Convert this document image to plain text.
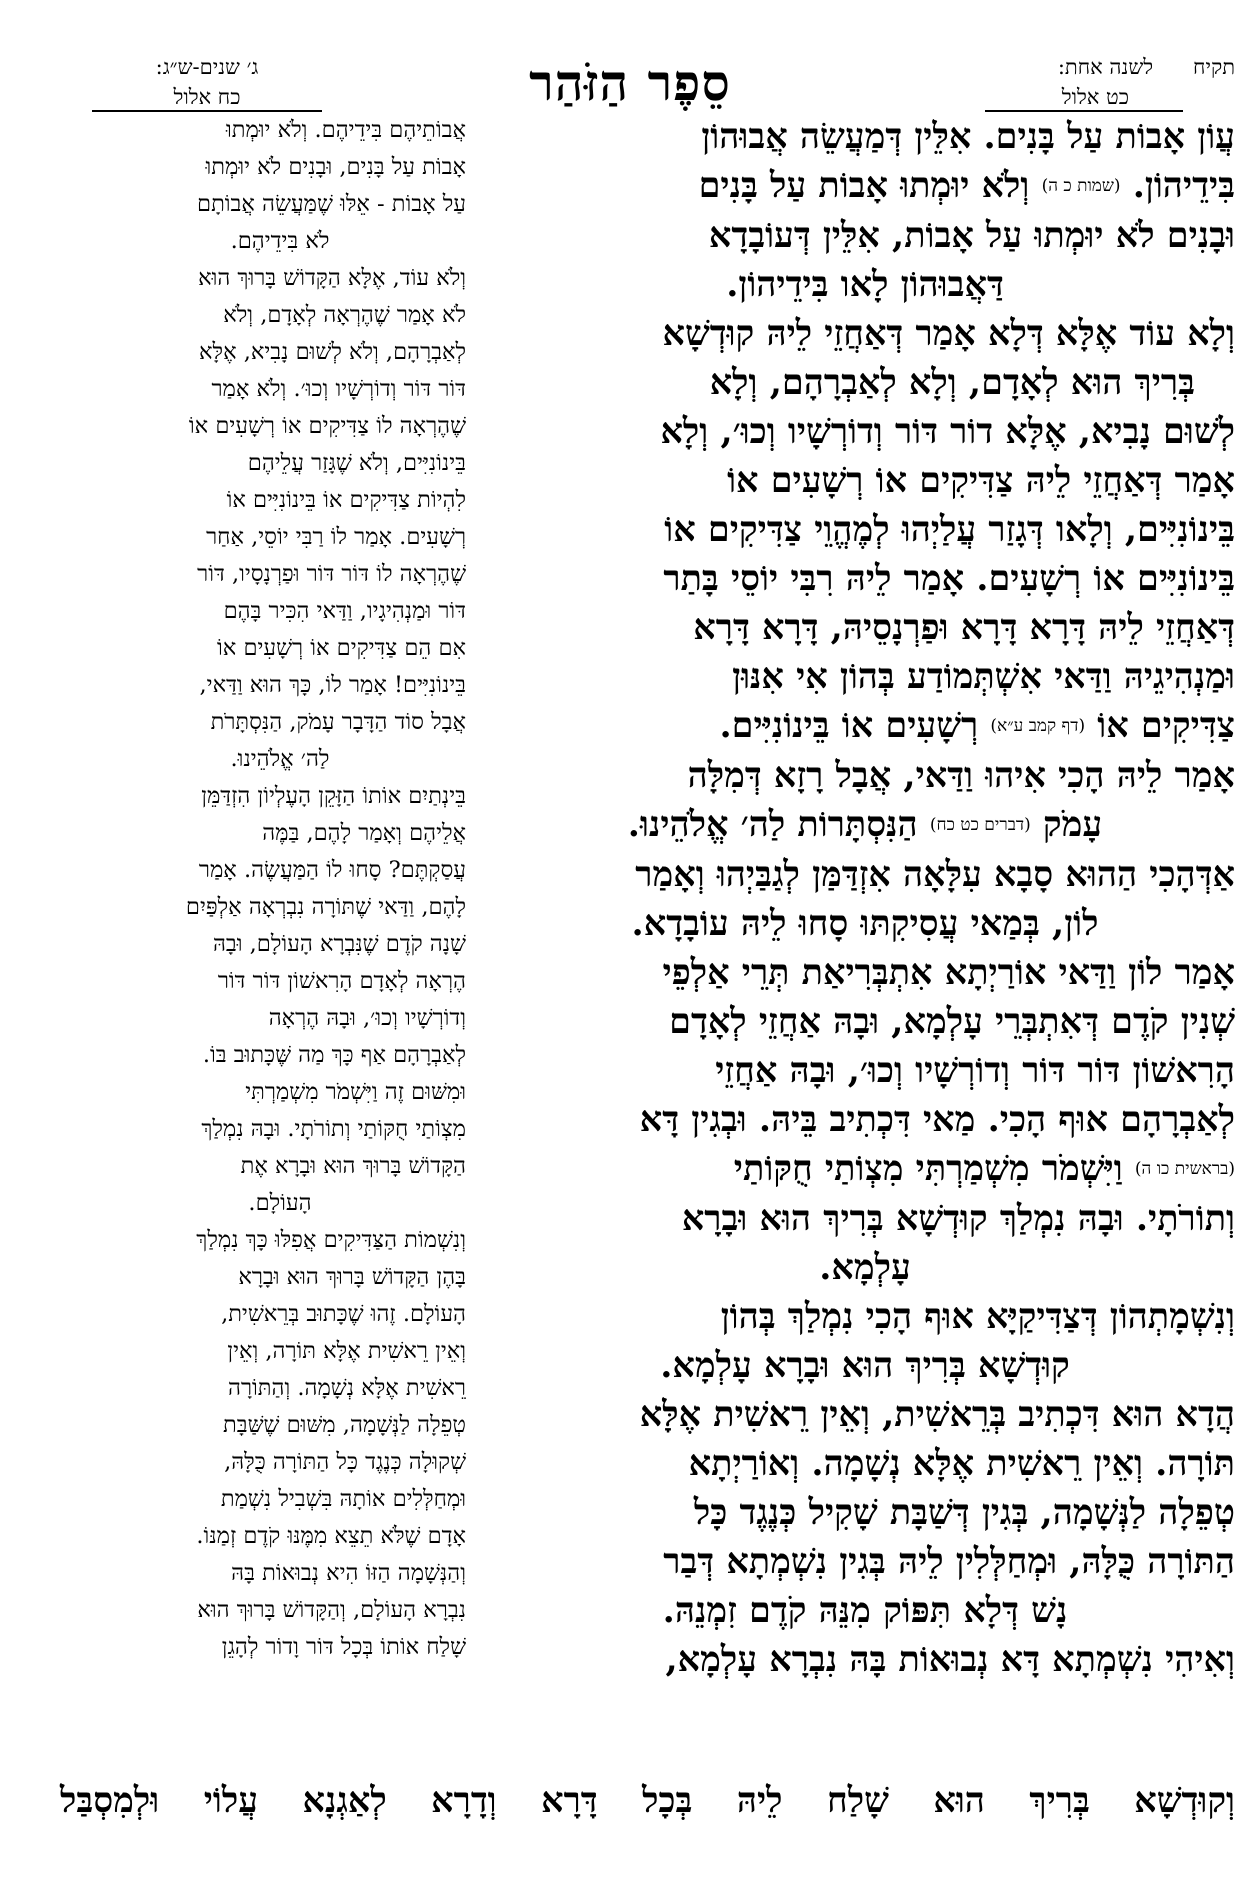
תקיח
לשנה אחת:
כט אלול
סֵפֶר הַזֹּהַר
ג׳ שנים-ש״ג:
כח אלול

עֲוֹן אָבוֹת עַל בָּנִים. אִלֵּין דְּמַעֲשֵׂה אֲבוּהוֹן

בִּידֵיהוֹן. (שמות כ ה) וְלֹא יוּמְתוּ אָבוֹת עַל בָּנִים

וּבָנִים לֹא יוּמְתוּ עַל אָבוֹת, אִלֵּין דְּעוֹבָדָא

דַּאֲבוּהוֹן לָאו בִּידֵיהוֹן.

וְלָא עוֹד אֶלָּא דְּלָא אָמַר דְּאַחֲזֵי לֵיהּ קוּדְשָׁא

בְּרִיךְ הוּא לְאָדָם, וְלָא לְאַבְרָהָם, וְלָא

לְשׁוּם נָבִיא, אֶלָּא דוֹר דּוֹר וְדוֹרְשָׁיו וְכוּ׳, וְלָא

אָמַר דְּאַחֲזֵי לֵיהּ צַדִּיקִים אוֹ רְשָׁעִים אוֹ

בֵּינוֹנִיִּים, וְלָאו דְּגָזַר עֲלַיְהוּ לְמֶהֱוֵי צַדִּיקִים אוֹ

בֵּינוֹנִיִּים אוֹ רְשָׁעִים. אָמַר לֵיהּ רִבִּי יוֹסֵי בָּתַר

דְּאַחֲזֵי לֵיהּ דָּרָא דָּרָא וּפַרְנָסֵיהּ, דָּרָא דָּרָא

וּמַנְהִיגֵיהּ וַדַּאי אִשְׁתְּמוֹדַע בְּהוֹן אִי אִנּוּן

צַדִּיקִים אוֹ (דף קמב ע״א) רְשָׁעִים אוֹ בֵּינוֹנִיִּים.

אָמַר לֵיהּ הָכִי אִיהוּ וַדַּאי, אֲבָל רָזָא דְּמִלָּה

עָמֹק (דברים כט כח) הַנִּסְתָּרוֹת לַה׳ אֱלֹהֵינוּ.

אַדְּהָכִי הַהוּא סָבָא עִלָּאָה אִזְדַּמַּן לְגַבַּיְהוּ וְאָמַר

לוֹן, בְּמַאי עֲסִיקִתּוּ סָחוּ לֵיהּ עוֹבָדָא.

אָמַר לוֹן וַדַּאי אוֹרַיְתָא אִתְבְּרִיאַת תְּרֵי אַלְפֵי

שְׁנִין קֹדֶם דְּאִתְבְּרֵי עָלְמָא, וּבָהּ אַחֲזֵי לְאָדָם

הָרִאשׁוֹן דּוֹר דּוֹר וְדוֹרְשָׁיו וְכוּ׳, וּבָהּ אַחֲזֵי

לְאַבְרָהָם אוּף הָכִי. מַאי דִּכְתִיב בֵּיהּ. וּבְגִין דָּא

(בראשית כו ה) וַיִּשְׁמֹר מִשְׁמַרְתִּי מִצְוֹתַי חֻקּוֹתַי

וְתוֹרֹתָי. וּבָהּ נִמְלַךְ קוּדְשָׁא בְּרִיךְ הוּא וּבָרָא

עָלְמָא.

וְנִשְׁמָתְהוֹן דְּצַדִּיקַיָּא אוּף הָכִי נִמְלַךְ בְּהוֹן

קוּדְשָׁא בְּרִיךְ הוּא וּבָרָא עָלְמָא.

הֲדָא הוּא דִּכְתִיב בְּרֵאשִׁית, וְאֵין רֵאשִׁית אֶלָּא

תּוֹרָה. וְאֵין רֵאשִׁית אֶלָּא נְשָׁמָה. וְאוֹרַיְתָא

טְפֵלָה לַנְּשָׁמָה, בְּגִין דְּשַׁבָּת שָׁקִיל כְּנֶגֶד כָּל

הַתּוֹרָה כֻּלָּהּ, וּמְחַלְּלִין לֵיהּ בְּגִין נִשְׁמְתָא דְּבַר

נָשׁ דְּלָא תִּפּוֹק מִנֵּהּ קֹדֶם זִמְנֵהּ.

וְאִיהִי נִשְׁמְתָא דָּא נְבוּאוֹת בָּהּ נִבְרָא עָלְמָא,

אֲבוֹתֵיהֶם בִּידֵיהֶם. וְלֹא יוּמְתוּ

אָבוֹת עַל בָּנִים, וּבָנִים לֹא יוּמְתוּ

עַל אָבוֹת - אֵלּוּ שֶׁמַּעֲשֵׂה אֲבוֹתָם

לֹא בִּידֵיהֶם.

וְלֹא עוֹד, אֶלָּא הַקָּדוֹשׁ בָּרוּךְ הוּא

לֹא אָמַר שֶׁהֶרְאָה לְאָדָם, וְלֹא

לְאַבְרָהָם, וְלֹא לְשׁוּם נָבִיא, אֶלָּא

דּוֹר דּוֹר וְדוֹרְשָׁיו וְכוּ׳. וְלֹא אָמַר

שֶׁהֶרְאָה לוֹ צַדִּיקִים אוֹ רְשָׁעִים אוֹ

בֵּינוֹנִיִּים, וְלֹא שֶׁגָּזַר עֲלֵיהֶם

לִהְיוֹת צַדִּיקִים אוֹ בֵּינוֹנִיִּים אוֹ

רְשָׁעִים. אָמַר לוֹ רַבִּי יוֹסֵי, אַחַר

שֶׁהֶרְאָה לוֹ דּוֹר דּוֹר וּפַרְנָסָיו, דּוֹר

דּוֹר וּמַנְהִיגָיו, וַדַּאי הִכִּיר בָּהֶם

אִם הֵם צַדִּיקִים אוֹ רְשָׁעִים אוֹ

בֵּינוֹנִיִּים! אָמַר לוֹ, כָּךְ הוּא וַדַּאי,

אֲבָל סוֹד הַדָּבָר עָמֹק, הַנִּסְתָּרֹת

לַה׳ אֱלֹהֵינוּ.

בֵּינְתַיִם אוֹתוֹ הַזָּקֵן הָעֶלְיוֹן הִזְדַּמֵּן

אֲלֵיהֶם וְאָמַר לָהֶם, בַּמֶּה

עֲסַקְתֶּם? סָחוּ לוֹ הַמַּעֲשֶׂה. אָמַר

לָהֶם, וַדַּאי שֶׁתּוֹרָה נִבְרְאָה אַלְפַּיִם

שָׁנָה קֹדֶם שֶׁנִּבְרָא הָעוֹלָם, וּבָהּ

הֶרְאָה לְאָדָם הָרִאשׁוֹן דּוֹר דּוֹר

וְדוֹרְשָׁיו וְכוּ׳, וּבָהּ הֶרְאָה

לְאַבְרָהָם אַף כָּךְ מַה שֶּׁכָּתוּב בּוֹ.

וּמִשּׁוּם זֶה וַיִּשְׁמֹר מִשְׁמַרְתִּי

מִצְוֹתַי חֻקּוֹתַי וְתוֹרֹתָי. וּבָהּ נִמְלַךְ

הַקָּדוֹשׁ בָּרוּךְ הוּא וּבָרָא אֶת

הָעוֹלָם.

וְנִשְׁמוֹת הַצַּדִּיקִים אֲפִלּוּ כָּךְ נִמְלַךְ

בָּהֶן הַקָּדוֹשׁ בָּרוּךְ הוּא וּבָרָא

הָעוֹלָם. זֶהוּ שֶׁכָּתוּב בְּרֵאשִׁית,

וְאֵין רֵאשִׁית אֶלָּא תּוֹרָה, וְאֵין

רֵאשִׁית אֶלָּא נְשָׁמָה. וְהַתּוֹרָה

טְפֵלָה לַנְּשָׁמָה, מִשּׁוּם שֶׁשַּׁבָּת

שְׁקוּלָה כְּנֶגֶד כָּל הַתּוֹרָה כֻּלָּהּ,

וּמְחַלְּלִים אוֹתָהּ בִּשְׁבִיל נִשְׁמַת

אָדָם שֶׁלֹּא תֵצֵא מִמֶּנּוּ קֹדֶם זְמַנּוֹ.

וְהַנְּשָׁמָה הַזּוֹ הִיא נְבוּאוֹת בָּהּ

נִבְרָא הָעוֹלָם, וְהַקָּדוֹשׁ בָּרוּךְ הוּא

שָׁלַח אוֹתוֹ בְּכָל דּוֹר וָדוֹר לְהָגֵן

וְקוּדְשָׁא בְּרִיךְ הוּא שָׁלַח לֵיהּ בְּכָל דָּרָא וְדָרָא לְאַגְנָא עֲלוֹי וּלְמִסְבַּל
